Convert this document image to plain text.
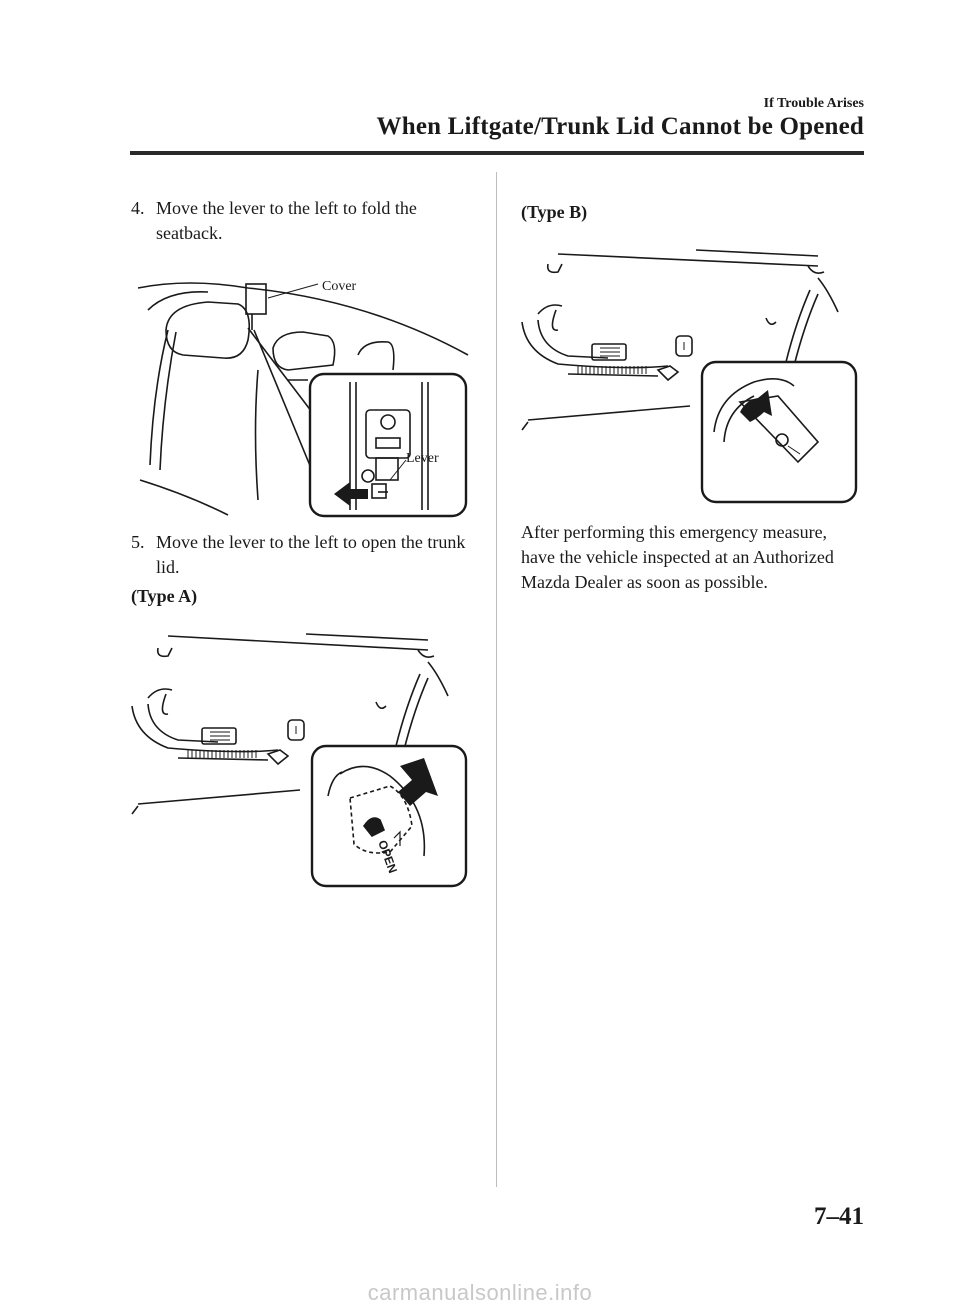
If Trouble Arises
When Liftgate/Trunk Lid Cannot be Opened
4. Move the lever to the left to fold the seatback.
Cover
Lever
5. Move the lever to the left to open the trunk lid.
(Type A)
OPEN
(Type B)
After performing this emergency measure, have the vehicle inspected at an Authorized Mazda Dealer as soon as possible.
7–41
carmanualsonline.info
